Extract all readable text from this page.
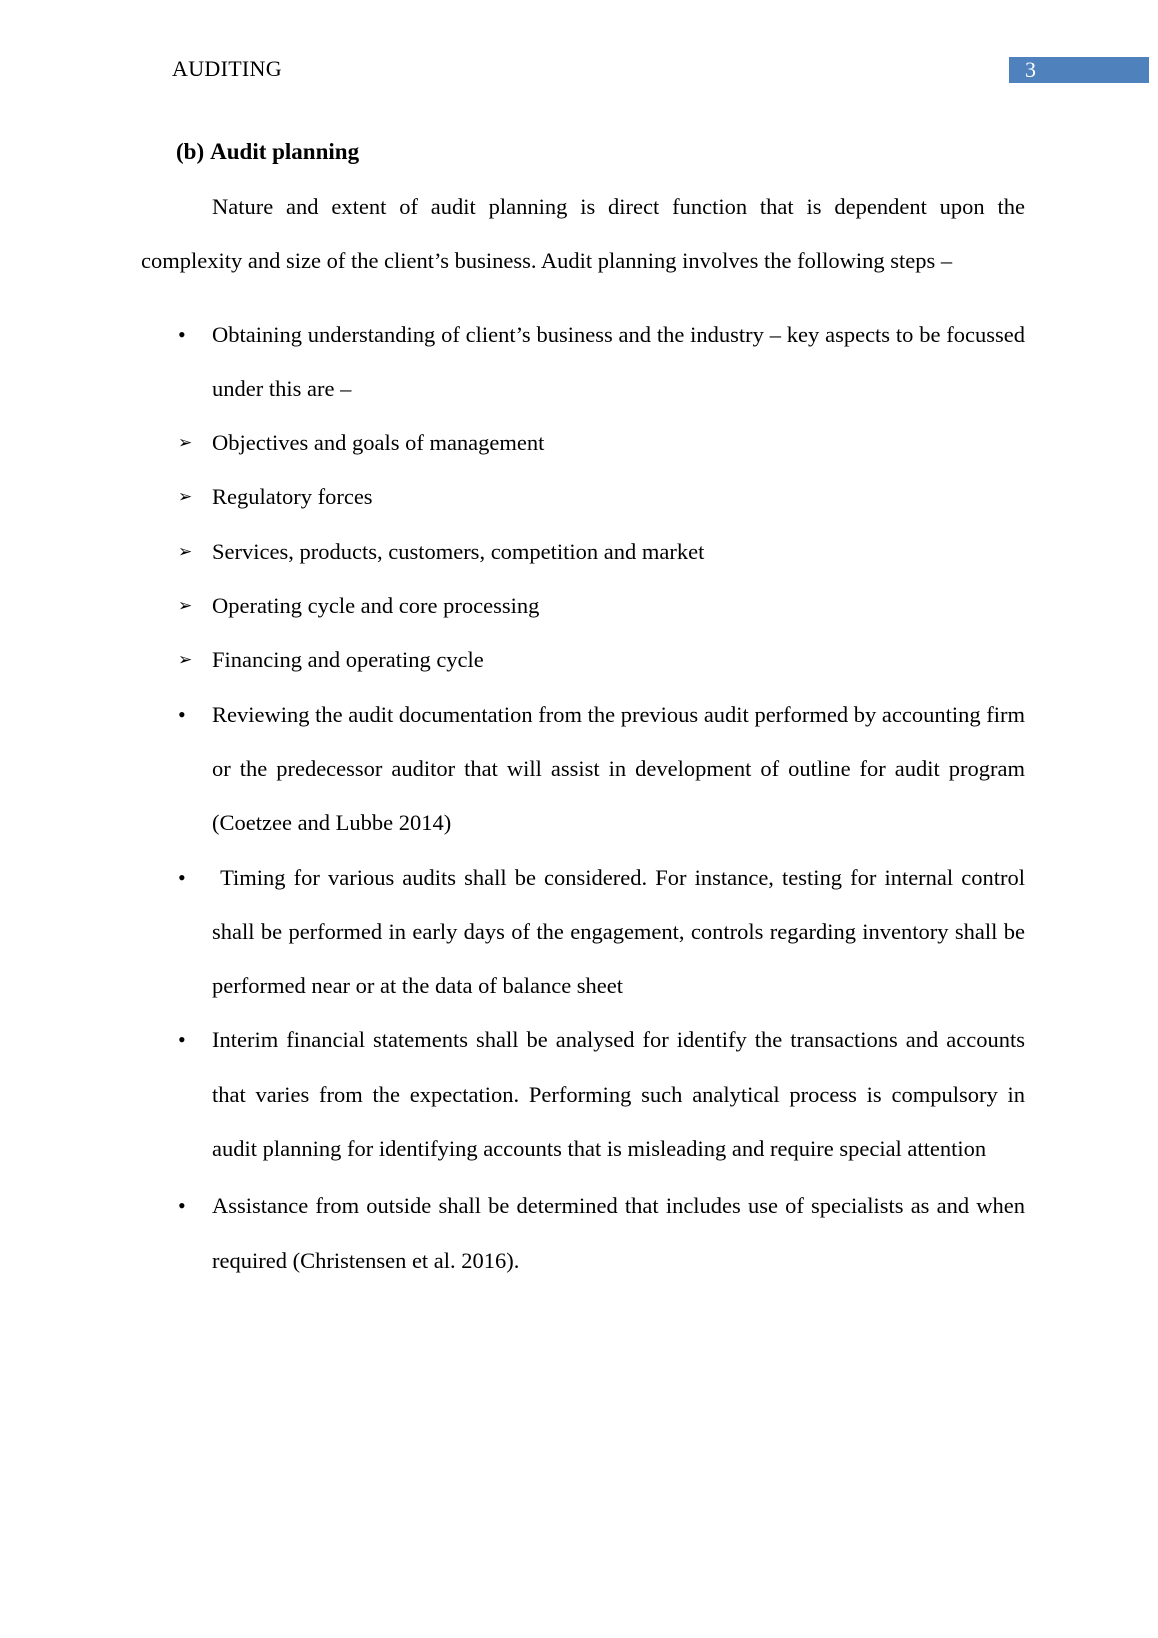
AUDITING	3
(b) Audit planning

Nature and extent of audit planning is direct function that is dependent upon the complexity and size of the client’s business. Audit planning involves the following steps –

•	Obtaining understanding of client’s business and the industry – key aspects to be focussed under this are –
➢ Objectives and goals of management
➢ Regulatory forces
➢ Services, products, customers, competition and market
➢ Operating cycle and core processing
➢ Financing and operating cycle
•	Reviewing the audit documentation from the previous audit performed by accounting firm or the predecessor auditor that will assist in development of outline for audit program (Coetzee and Lubbe 2014)
•	Timing for various audits shall be considered. For instance, testing for internal control shall be performed in early days of the engagement, controls regarding inventory shall be performed near or at the data of balance sheet
•	Interim financial statements shall be analysed for identify the transactions and accounts that varies from the expectation. Performing such analytical process is compulsory in audit planning for identifying accounts that is misleading and require special attention
•	Assistance from outside shall be determined that includes use of specialists as and when required (Christensen et al. 2016).
